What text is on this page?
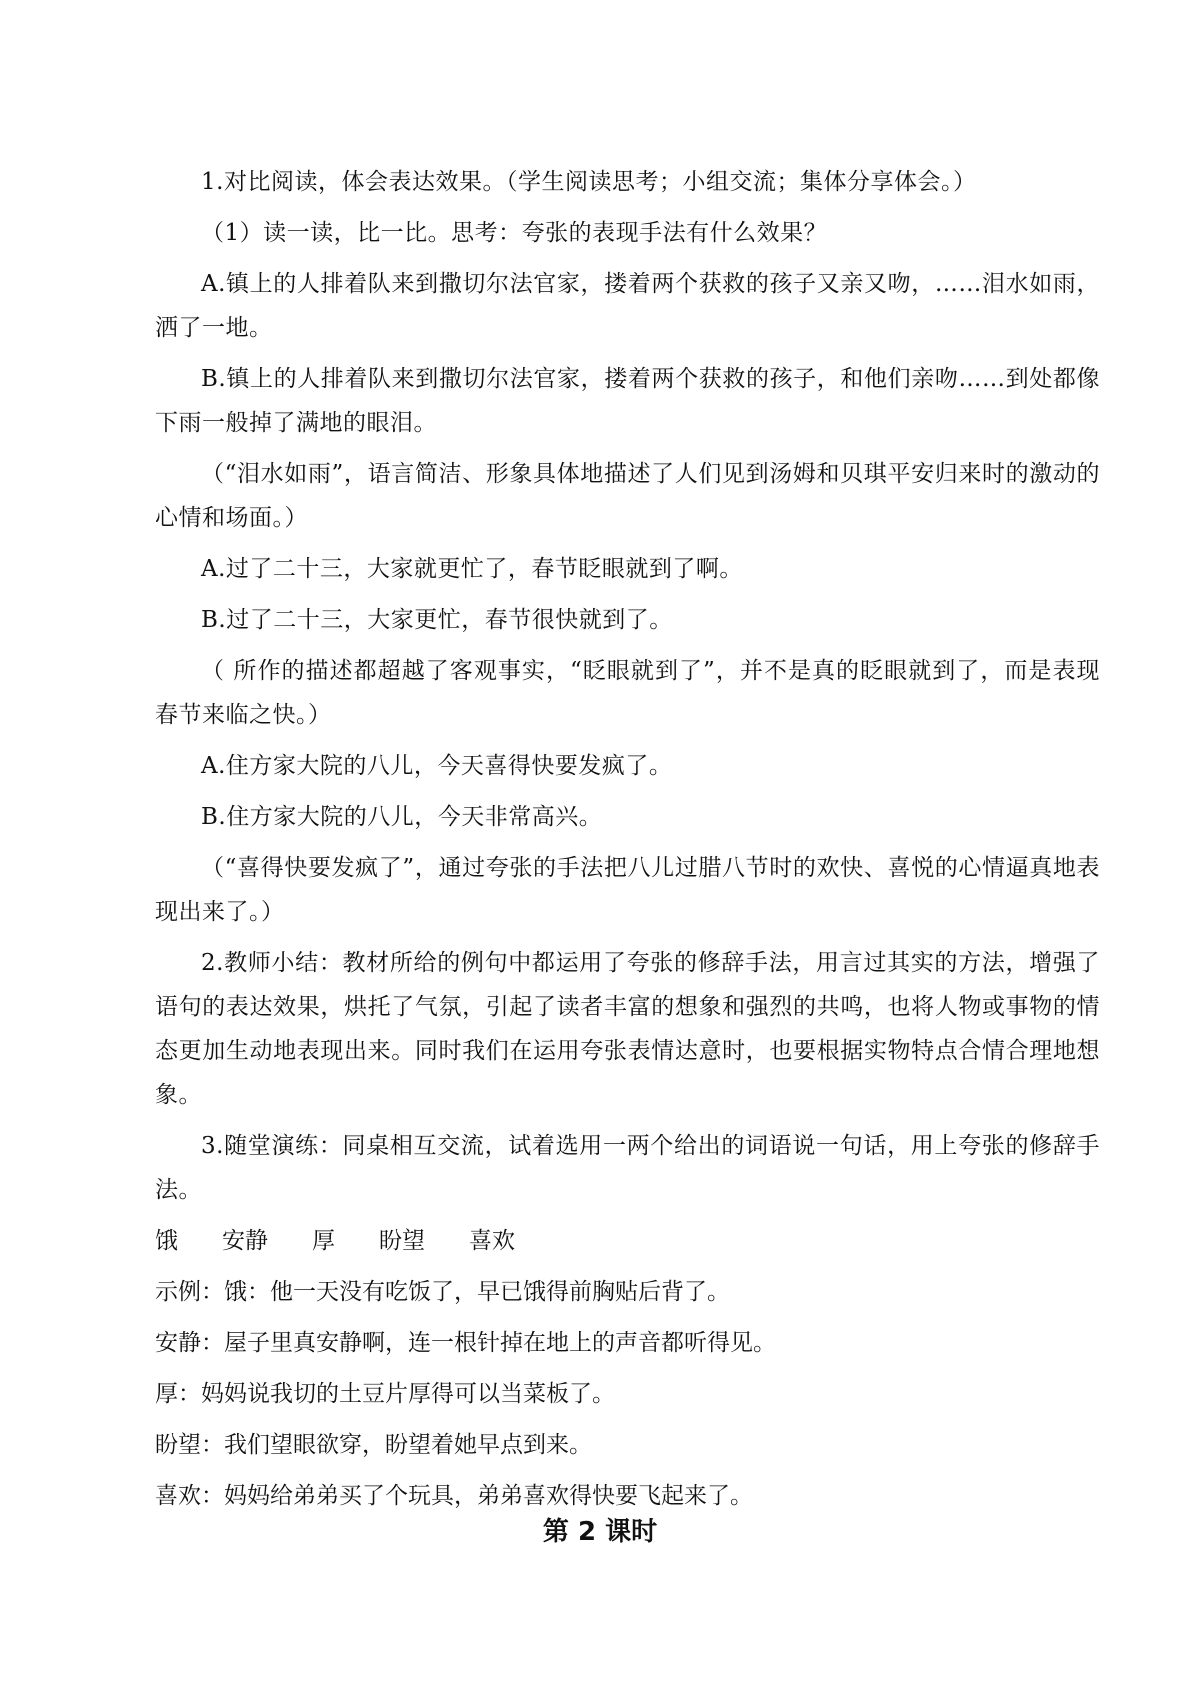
1.对比阅读，体会表达效果。（学生阅读思考；小组交流；集体分享体会。）

（1）读一读，比一比。思考：夸张的表现手法有什么效果？

A.镇上的人排着队来到撒切尔法官家，搂着两个获救的孩子又亲又吻，……泪水如雨，洒了一地。

B.镇上的人排着队来到撒切尔法官家，搂着两个获救的孩子，和他们亲吻……到处都像下雨一般掉了满地的眼泪。

（“泪水如雨”，语言简洁、形象具体地描述了人们见到汤姆和贝琪平安归来时的激动的心情和场面。）

A.过了二十三，大家就更忙了，春节眨眼就到了啊。

B.过了二十三，大家更忙，春节很快就到了。

（ 所作的描述都超越了客观事实，“眨眼就到了”，并不是真的眨眼就到了，而是表现春节来临之快。）

A.住方家大院的八儿，今天喜得快要发疯了。

B.住方家大院的八儿，今天非常高兴。

（“喜得快要发疯了”，通过夸张的手法把八儿过腊八节时的欢快、喜悦的心情逼真地表现出来了。）

2.教师小结：教材所给的例句中都运用了夸张的修辞手法，用言过其实的方法，增强了语句的表达效果，烘托了气氛，引起了读者丰富的想象和强烈的共鸣，也将人物或事物的情态更加生动地表现出来。同时我们在运用夸张表情达意时，也要根据实物特点合情合理地想象。

3.随堂演练：同桌相互交流，试着选用一两个给出的词语说一句话，用上夸张的修辞手法。

饿 安静 厚 盼望 喜欢

示例：饿：他一天没有吃饭了，早已饿得前胸贴后背了。

安静：屋子里真安静啊，连一根针掉在地上的声音都听得见。

厚：妈妈说我切的土豆片厚得可以当菜板了。

盼望：我们望眼欲穿，盼望着她早点到来。

喜欢：妈妈给弟弟买了个玩具，弟弟喜欢得快要飞起来了。

第 2 课时
